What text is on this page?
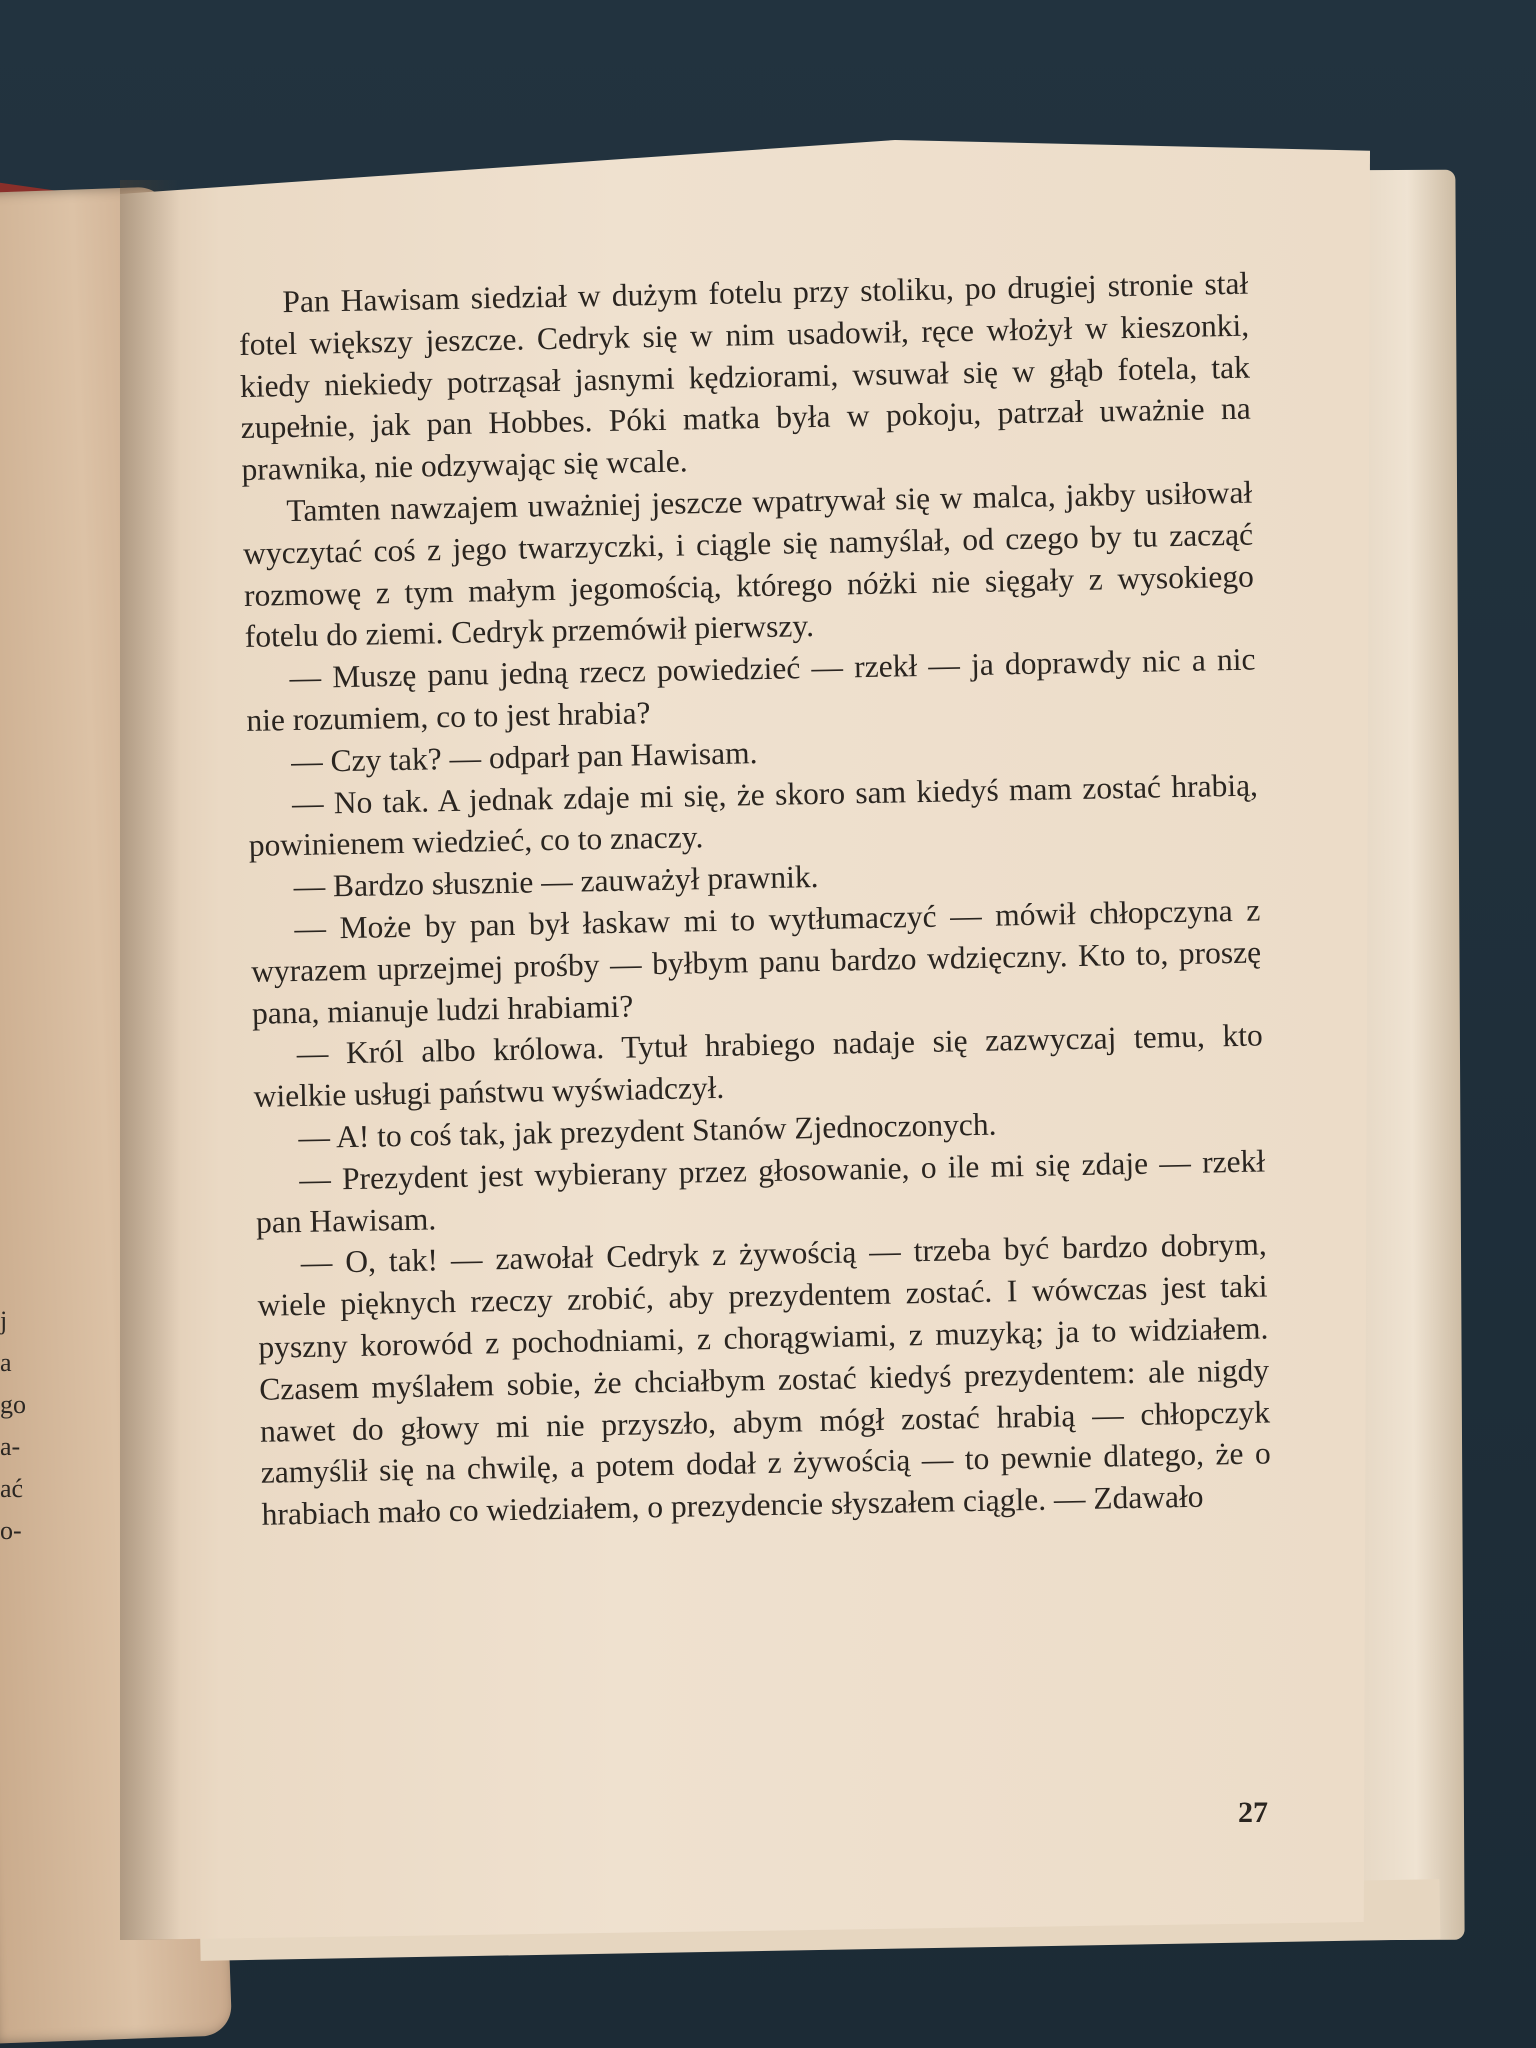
j
a
go
a-
ać
o-

Pan Hawisam siedział w dużym fotelu przy stoliku, po drugiej stronie stał fotel większy jeszcze. Cedryk się w nim usadowił, ręce włożył w kieszonki, kiedy niekiedy potrząsał jasnymi kędziorami, wsuwał się w głąb fotela, tak zupełnie, jak pan Hobbes. Póki matka była w pokoju, patrzał uważnie na prawnika, nie odzywając się wcale.

Tamten nawzajem uważniej jeszcze wpatrywał się w malca, jakby usiłował wyczytać coś z jego twarzyczki, i ciągle się namyślał, od czego by tu zacząć rozmowę z tym małym jegomością, którego nóżki nie sięgały z wysokiego fotelu do ziemi. Cedryk przemówił pierwszy.

— Muszę panu jedną rzecz powiedzieć — rzekł — ja doprawdy nic a nic nie rozumiem, co to jest hrabia?

— Czy tak? — odparł pan Hawisam.

— No tak. A jednak zdaje mi się, że skoro sam kiedyś mam zostać hrabią, powinienem wiedzieć, co to znaczy.

— Bardzo słusznie — zauważył prawnik.

— Może by pan był łaskaw mi to wytłumaczyć — mówił chłopczyna z wyrazem uprzejmej prośby — byłbym panu bardzo wdzięczny. Kto to, proszę pana, mianuje ludzi hrabiami?

— Król albo królowa. Tytuł hrabiego nadaje się zazwyczaj temu, kto wielkie usługi państwu wyświadczył.

— A! to coś tak, jak prezydent Stanów Zjednoczonych.

— Prezydent jest wybierany przez głosowanie, o ile mi się zdaje — rzekł pan Hawisam.

— O, tak! — zawołał Cedryk z żywością — trzeba być bardzo dobrym, wiele pięknych rzeczy zrobić, aby prezydentem zostać. I wówczas jest taki pyszny korowód z pochodniami, z chorągwiami, z muzyką; ja to widziałem. Czasem myślałem sobie, że chciałbym zostać kiedyś prezydentem: ale nigdy nawet do głowy mi nie przyszło, abym mógł zostać hrabią — chłopczyk zamyślił się na chwilę, a potem dodał z żywością — to pewnie dlatego, że o hrabiach mało co wiedziałem, o prezydencie słyszałem ciągle. — Zdawało

27
